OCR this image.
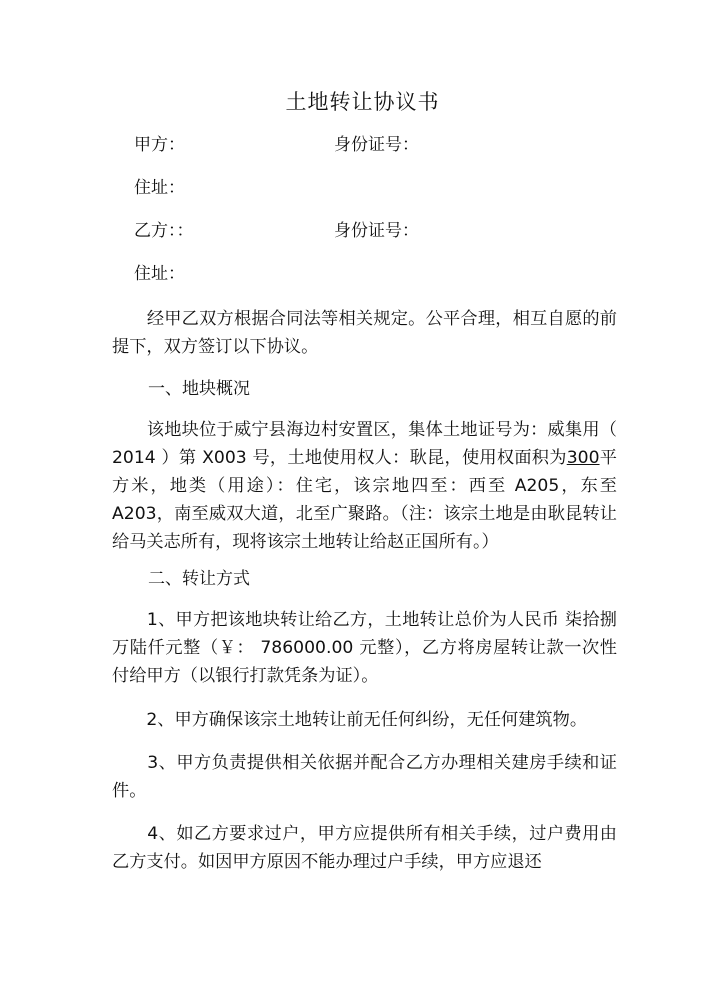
土地转让协议书
甲方：	身份证号：
住址：
乙方：：	身份证号：
住址：

　　经甲乙双方根据合同法等相关规定。公平合理，相互自愿的前提下，双方签订以下协议。

一、地块概况

　　该地块位于威宁县海边村安置区，集体土地证号为：威集用（ 2014 ）第 X003 号，土地使用权人：耿昆，使用权面积为300平方米，地类（用途）：住宅，该宗地四至：西至 A205，东至 A203，南至威双大道，北至广聚路。（注：该宗土地是由耿昆转让给马关志所有，现将该宗土地转让给赵正国所有。）

二、转让方式

　　1、甲方把该地块转让给乙方，土地转让总价为人民币 柒拾捌万陆仟元整（￥： 786000.00 元整），乙方将房屋转让款一次性付给甲方（以银行打款凭条为证）。

　　2、甲方确保该宗土地转让前无任何纠纷，无任何建筑物。

　　3、甲方负责提供相关依据并配合乙方办理相关建房手续和证件。

　　4、如乙方要求过户，甲方应提供所有相关手续，过户费用由乙方支付。如因甲方原因不能办理过户手续，甲方应退还
